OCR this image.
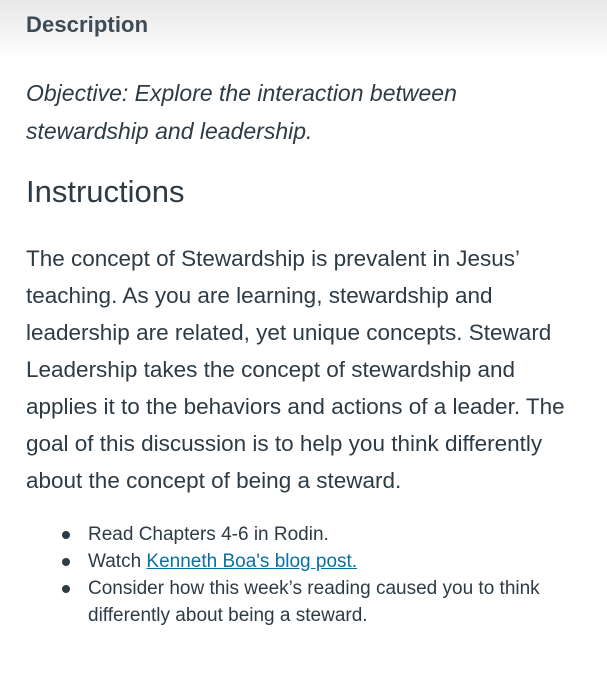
Description

Objective: Explore the interaction between stewardship and leadership.

Instructions

The concept of Stewardship is prevalent in Jesus’ teaching. As you are learning, stewardship and leadership are related, yet unique concepts. Steward Leadership takes the concept of stewardship and applies it to the behaviors and actions of a leader. The goal of this discussion is to help you think differently about the concept of being a steward.

Read Chapters 4-6 in Rodin.
Watch Kenneth Boa's blog post.
Consider how this week’s reading caused you to think differently about being a steward.
